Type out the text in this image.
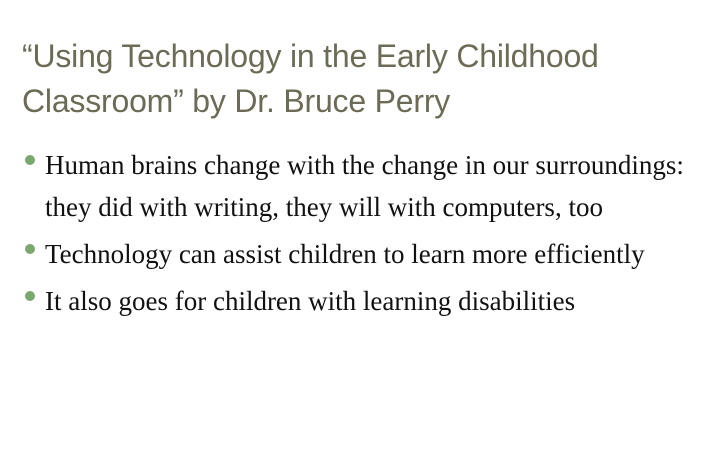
“Using Technology in the Early Childhood Classroom” by Dr. Bruce Perry
Human brains change with the change in our surroundings: they did with writing, they will with computers, too
Technology can assist children to learn more efficiently
It also goes for children with learning disabilities
